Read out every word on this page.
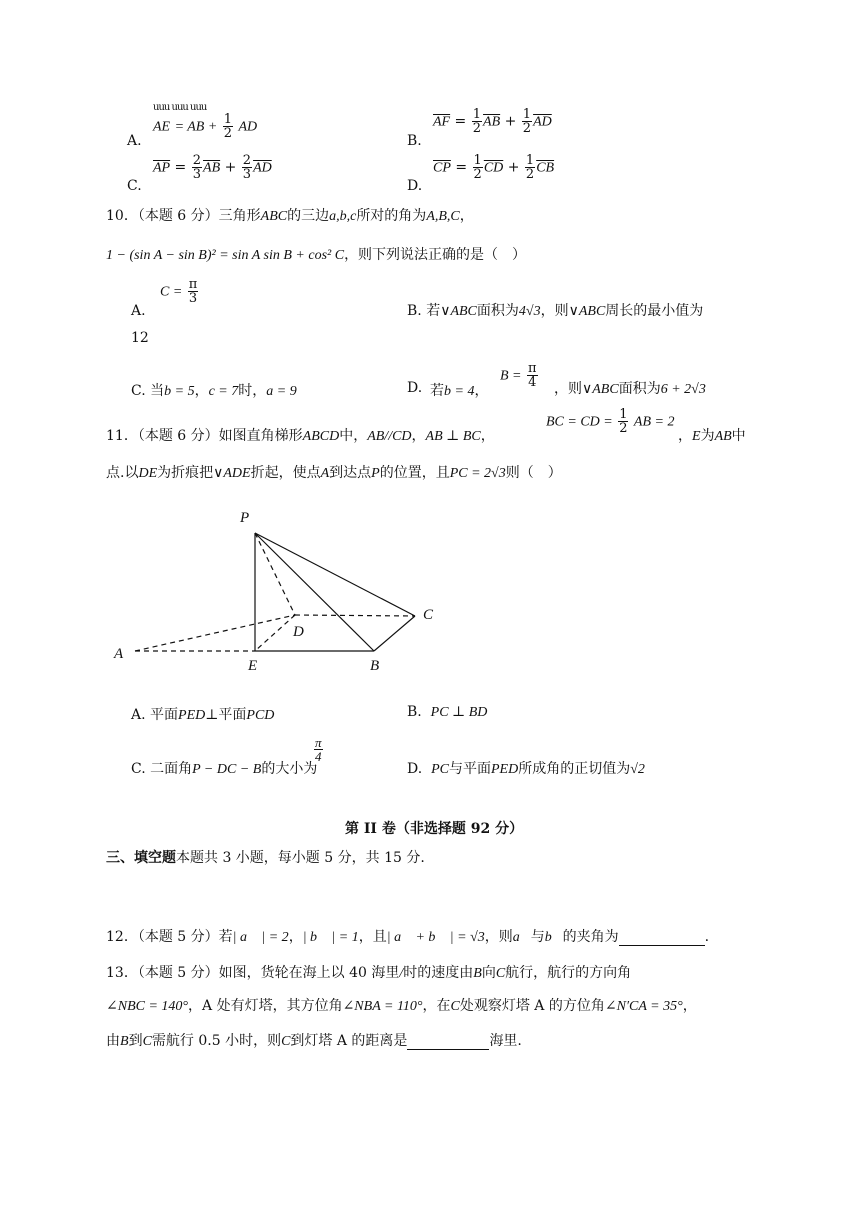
A.
uuu uuu uuu
AE = AB + $\frac{1}{2}$ AD
B.
$\overline{AF} = \frac{1}{2} \overline{AB} + \frac{1}{2} \overline{AD}$
C.
$\overline{AP} = \frac{2}{3} \overline{AB} + \frac{2}{3} \overline{AD}$
D.
$\overline{CP} = \frac{1}{2} \overline{CD} + \frac{1}{2} \overline{CB}$
10．（本题 6 分）三角形ABC的三边a,b,c所对的角为A,B,C，
1 − (sin A − sin B)² = sin A sin B + cos² C，则下列说法正确的是（　）
A.
$C = \frac{\pi}{3}$
B. 若∨ABC面积为4√3，则∨ABC周长的最小值为
12
C. 当b = 5，c = 7时，a = 9	D. 若b = 4，
$B = \frac{\pi}{4}$ ，则∨ABC面积为6 + 2√3
11．（本题 6 分）如图直角梯形ABCD中，AB//CD，AB ⊥ BC，
BC = CD = $\frac{1}{2}$ AB = 2
，E为AB中
点.以DE为折痕把∨ADE折起，使点A到达点P的位置，且PC = 2√3则（　）
P
D
C
A
E	B
A. 平面PED⊥平面PCD	B. PC ⊥ BD
C. 二面角P − DC − B的大小为
$\frac{\pi}{4}$
D. PC与平面PED所成角的正切值为√2
第 II 卷（非选择题 92 分）
三、填空题本题共 3 小题，每小题 5 分，共 15 分.
12．（本题 5 分）若| a⃗ | = 2，| b⃗ | = 1，且| a⃗ + b⃗ | = √3，则a⃗与b⃗的夹角为	.
13．（本题 5 分）如图，货轮在海上以 40 海里/时的速度由B向C航行，航行的方向角
∠NBC = 140°，A 处有灯塔，其方位角∠NBA = 110°，在C处观察灯塔 A 的方位角∠N′CA = 35°，
由B到C需航行 0.5 小时，则C到灯塔 A 的距离是	海里.
